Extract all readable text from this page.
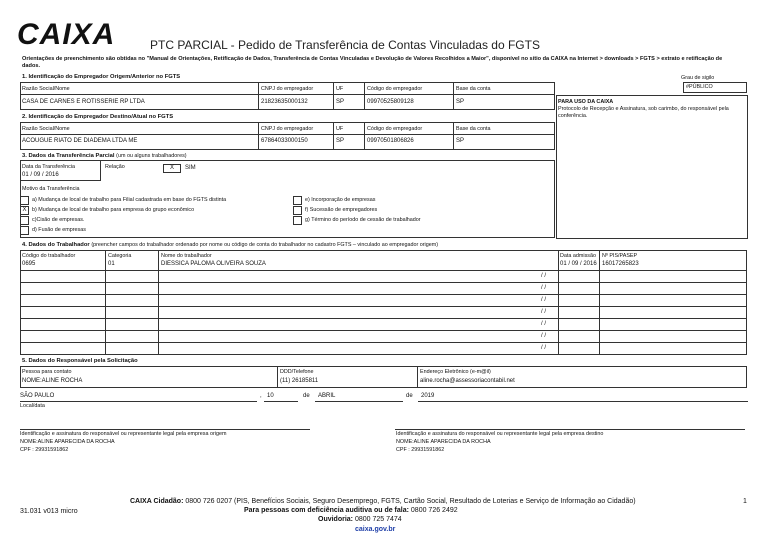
CAIXA	PTC PARCIAL - Pedido de Transferência de Contas Vinculadas do FGTS
Orientações de preenchimento são obtidas no "Manual de Orientações, Retificação de Dados, Transferência de Contas Vinculadas e Devolução de Valores Recolhidos a Maior", disponível no sítio da CAIXA na Internet > downloads > FGTS > extrato e retificação de dados.
Grau de sigilo
#PÚBLICO
1. Identificação do Empregador Origem/Anterior no FGTS
Razão Social/Nome	CNPJ do empregador	UF	Código do empregador	Base da conta
CASA DE CARNES E ROTISSERIE RP LTDA	21823635000132	SP	09970525809128	SP	PARA USO DA CAIXA
Protocolo de Recepção e Assinatura, sob carimbo, do responsável pela conferência.
2. Identificação do Empregador Destino/Atual no FGTS
Razão Social/Nome	CNPJ do empregador	UF	Código do empregador	Base da conta
ACOUGUE RIATO DE DIADEMA LTDA ME	67864033000150	SP	09970501806826	SP
3. Dados da Transferência Parcial (um ou alguns trabalhadores)
Data da Transferência
01 / 09 / 2016
Relação	X	SIM
Motivo da Transferência
a) Mudança de local de trabalho para Filial cadastrada em base do FGTS distinta
X	b) Mudança de local de trabalho para empresa do grupo econômico
c)Cisão de empresas.
d) Fusão de empresas
e) Incorporação de empresas
f) Sucessão de empregadores
g) Término do período de cessão de trabalhador
4. Dados do Trabalhador (preencher campos do trabalhador ordenado por nome ou código de conta do trabalhador no cadastro FGTS – vinculado ao empregador origem)
Código do trabalhador	Categoria	Nome do trabalhador	Data admissão Nº PIS/PASEP
0695	01	DIESSICA PALOMA OLIVEIRA SOUZA	01 / 09 / 2016 16017265823
/ /
/ /
/ /
/ /
/ /
/ /
/ /
5. Dados do Responsável pela Solicitação
Pessoa para contato
NOME:ALINE ROCHA
DDD/Telefone
(11) 26185811
Endereço Eletrônico (e-m@il)
aline.rocha@assessoriacontabil.net
SÃO PAULO	, 10	de ABRIL	de 2019
Local/data
Identificação e assinatura do responsável ou representante legal pela empresa origem
NOME:ALINE APARECIDA DA ROCHA
CPF : 29931591862
Identificação e assinatura do responsável ou representante legal pela empresa destino
NOME:ALINE APARECIDA DA ROCHA
CPF : 29931591862
31.031 v013 micro
1
CAIXA Cidadão: 0800 726 0207 (PIS, Benefícios Sociais, Seguro Desemprego, FGTS, Cartão Social, Resultado de Loterias e Serviço de Informação ao Cidadão)
Para pessoas com deficiência auditiva ou de fala: 0800 726 2492
Ouvidoria: 0800 725 7474
caixa.gov.br
